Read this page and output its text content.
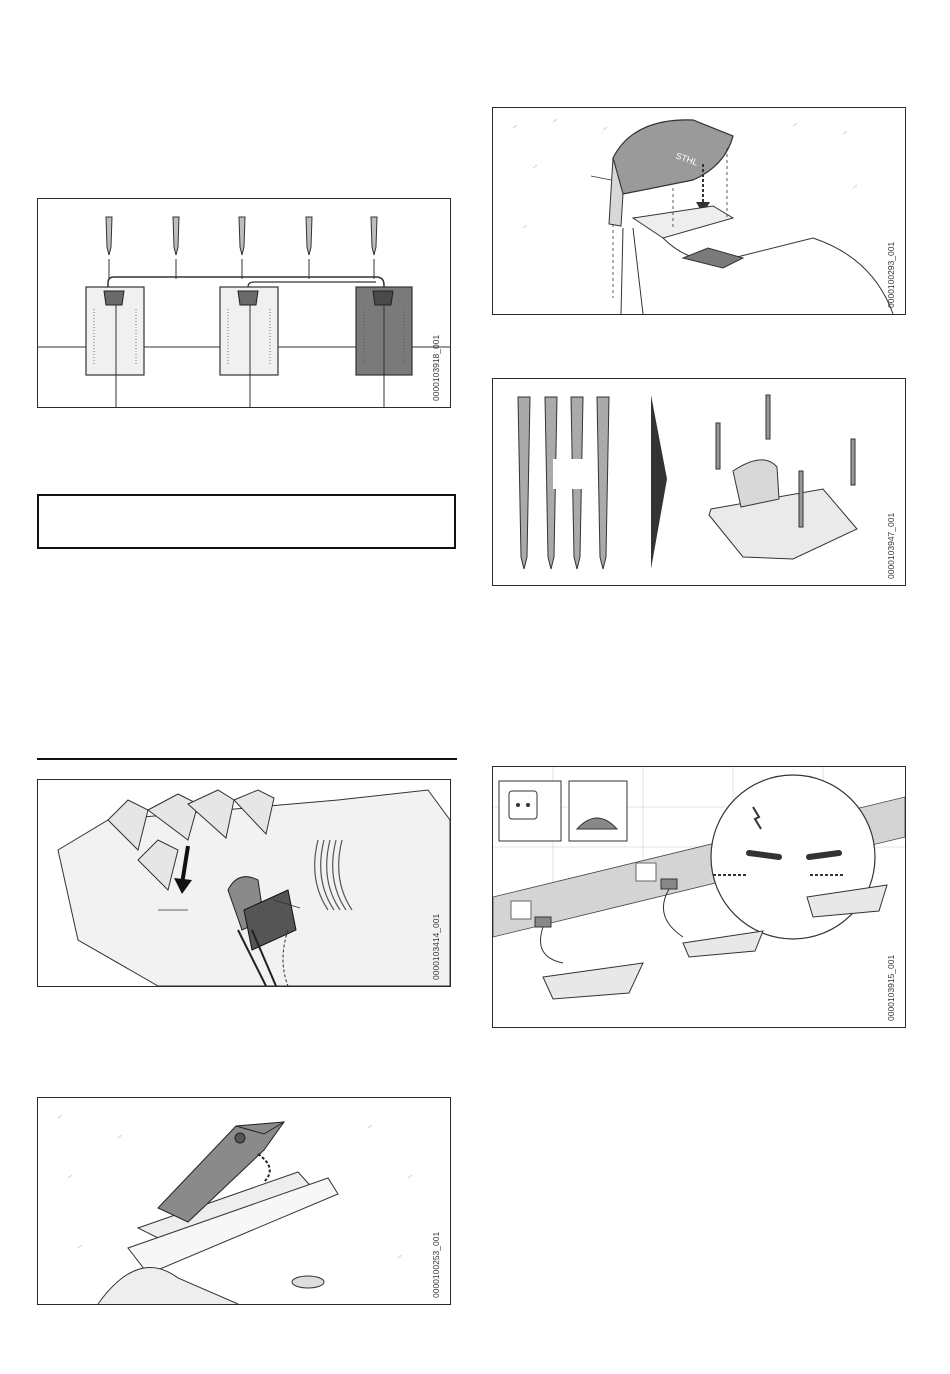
0000103918_001
STHL
0000100293_001
0000103947_001
0000103414_001
0000103915_001
0000100253_001
